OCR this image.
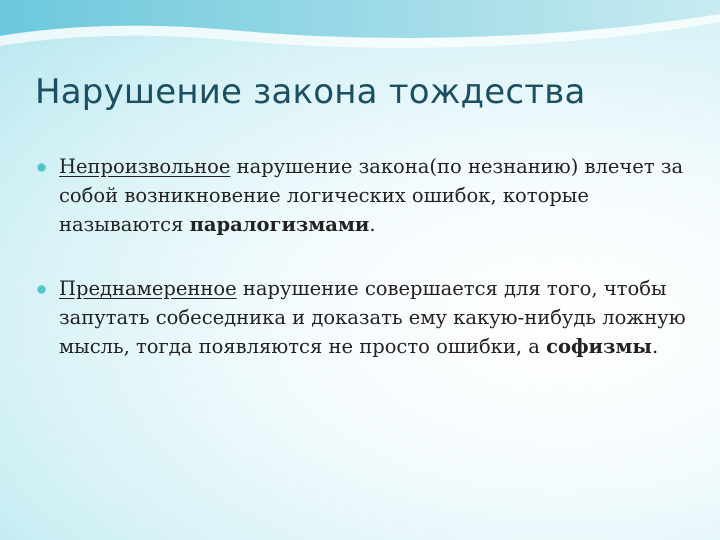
Нарушение закона тождества
Непроизвольное нарушение закона(по незнанию) влечет за собой возникновение логических ошибок, которые называются паралогизмами.
Преднамеренное нарушение совершается для того, чтобы запутать собеседника и доказать ему какую-нибудь ложную мысль, тогда появляются не просто ошибки, а софизмы.
